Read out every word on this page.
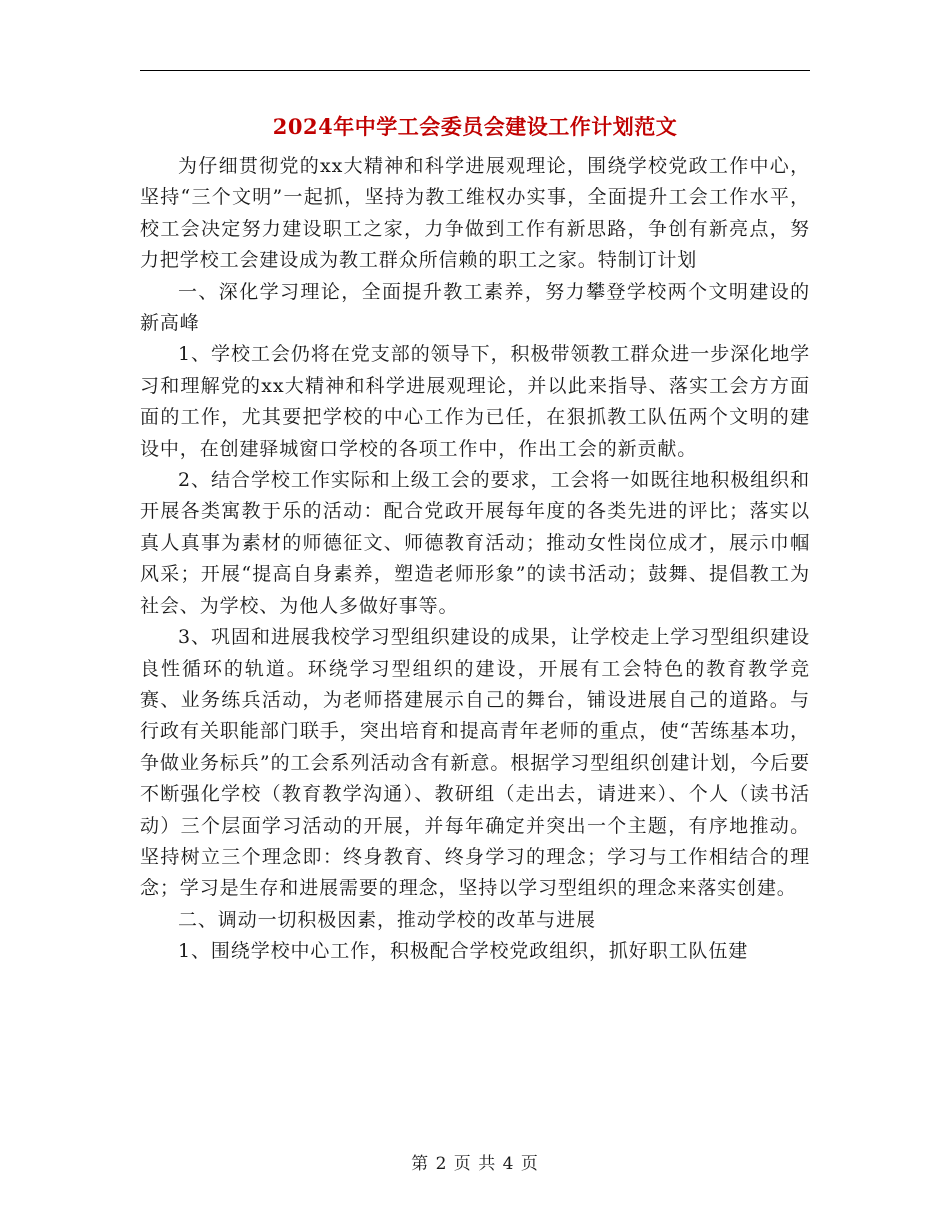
2024年中学工会委员会建设工作计划范文

为仔细贯彻党的xx大精神和科学进展观理论，围绕学校党政工作中心，坚持“三个文明”一起抓，坚持为教工维权办实事，全面提升工会工作水平，校工会决定努力建设职工之家，力争做到工作有新思路，争创有新亮点，努力把学校工会建设成为教工群众所信赖的职工之家。特制订计划

一、深化学习理论，全面提升教工素养，努力攀登学校两个文明建设的新高峰

1、学校工会仍将在党支部的领导下，积极带领教工群众进一步深化地学习和理解党的xx大精神和科学进展观理论，并以此来指导、落实工会方方面面的工作，尤其要把学校的中心工作为已任，在狠抓教工队伍两个文明的建设中，在创建驿城窗口学校的各项工作中，作出工会的新贡献。

2、结合学校工作实际和上级工会的要求，工会将一如既往地积极组织和开展各类寓教于乐的活动：配合党政开展每年度的各类先进的评比；落实以真人真事为素材的师德征文、师德教育活动；推动女性岗位成才，展示巾帼风采；开展“提高自身素养，塑造老师形象”的读书活动；鼓舞、提倡教工为社会、为学校、为他人多做好事等。

3、巩固和进展我校学习型组织建设的成果，让学校走上学习型组织建设良性循环的轨道。环绕学习型组织的建设，开展有工会特色的教育教学竞赛、业务练兵活动，为老师搭建展示自己的舞台，铺设进展自己的道路。与行政有关职能部门联手，突出培育和提高青年老师的重点，使“苦练基本功，争做业务标兵”的工会系列活动含有新意。根据学习型组织创建计划，今后要不断强化学校（教育教学沟通）、教研组（走出去，请进来）、个人（读书活动）三个层面学习活动的开展，并每年确定并突出一个主题，有序地推动。坚持树立三个理念即：终身教育、终身学习的理念；学习与工作相结合的理念；学习是生存和进展需要的理念，坚持以学习型组织的理念来落实创建。

二、调动一切积极因素，推动学校的改革与进展

1、围绕学校中心工作，积极配合学校党政组织，抓好职工队伍建

第 2 页 共 4 页
